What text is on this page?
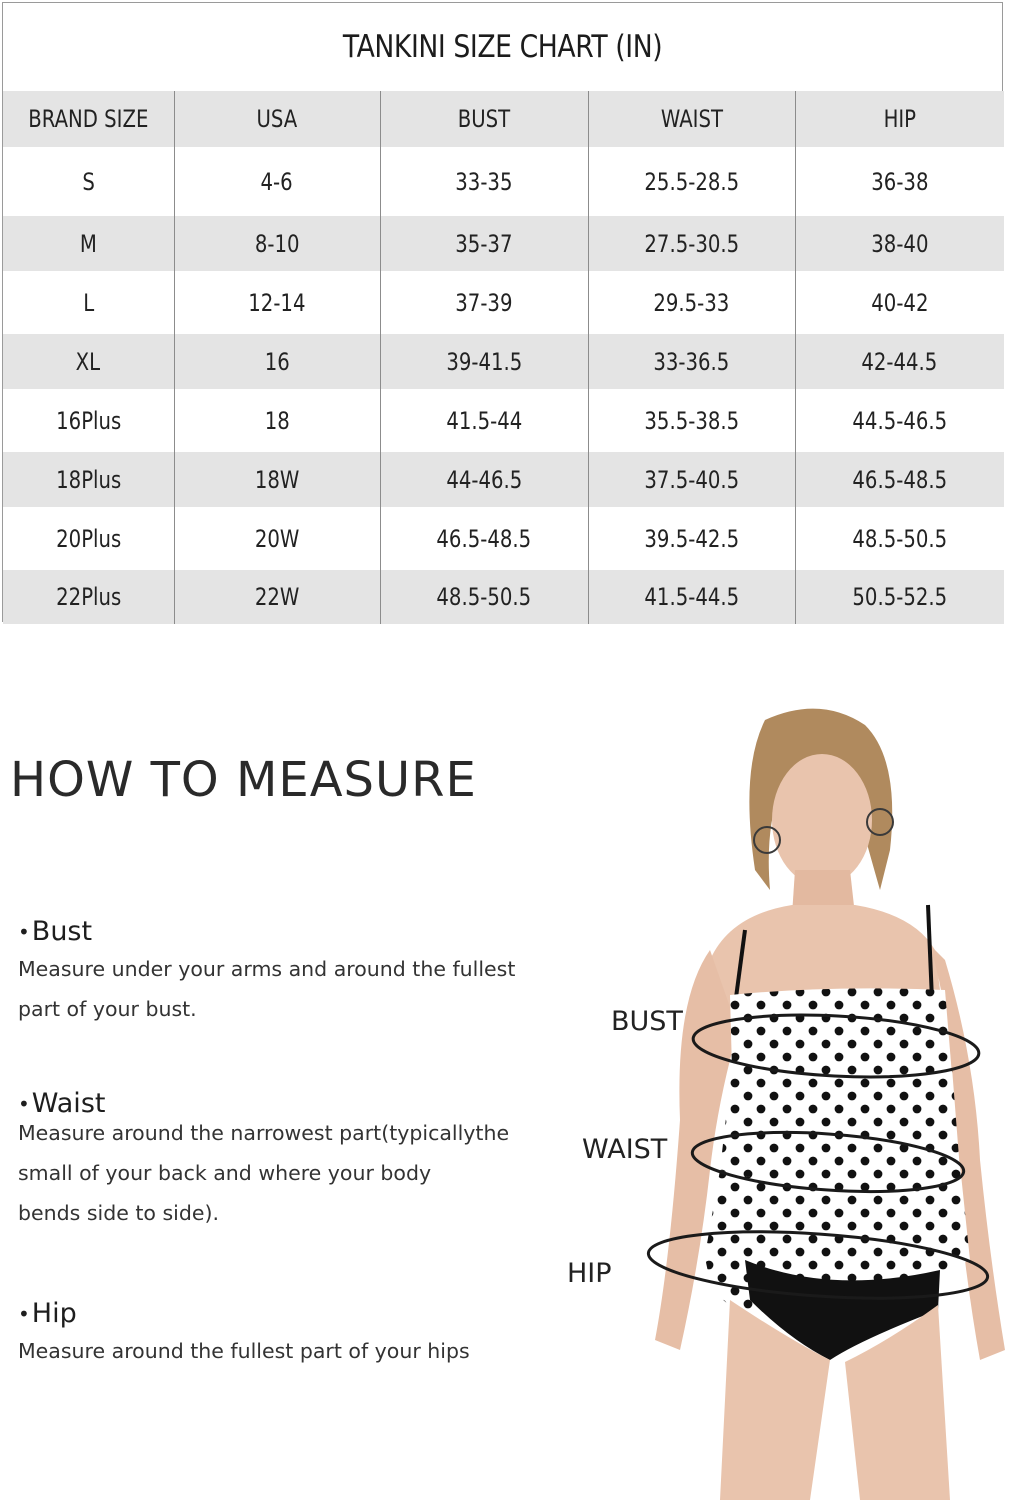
TANKINI SIZE CHART (IN)
BRAND SIZE	USA	BUST	WAIST	HIP
S	4-6	33-35	25.5-28.5	36-38
M	8-10	35-37	27.5-30.5	38-40
L	12-14	37-39	29.5-33	40-42
XL	16	39-41.5	33-36.5	42-44.5
16Plus	18	41.5-44	35.5-38.5	44.5-46.5
18Plus	18W	44-46.5	37.5-40.5	46.5-48.5
20Plus	20W	46.5-48.5	39.5-42.5	48.5-50.5
22Plus	22W	48.5-50.5	41.5-44.5	50.5-52.5
HOW TO MEASURE
• Bust

Measure under your arms and around the fullest
part of your bust.

• Waist

Measure around the narrowest part(typicallythe
small of your back and where your body
bends side to side).

• Hip

Measure around the fullest part of your hips

BUST
WAIST
HIP
